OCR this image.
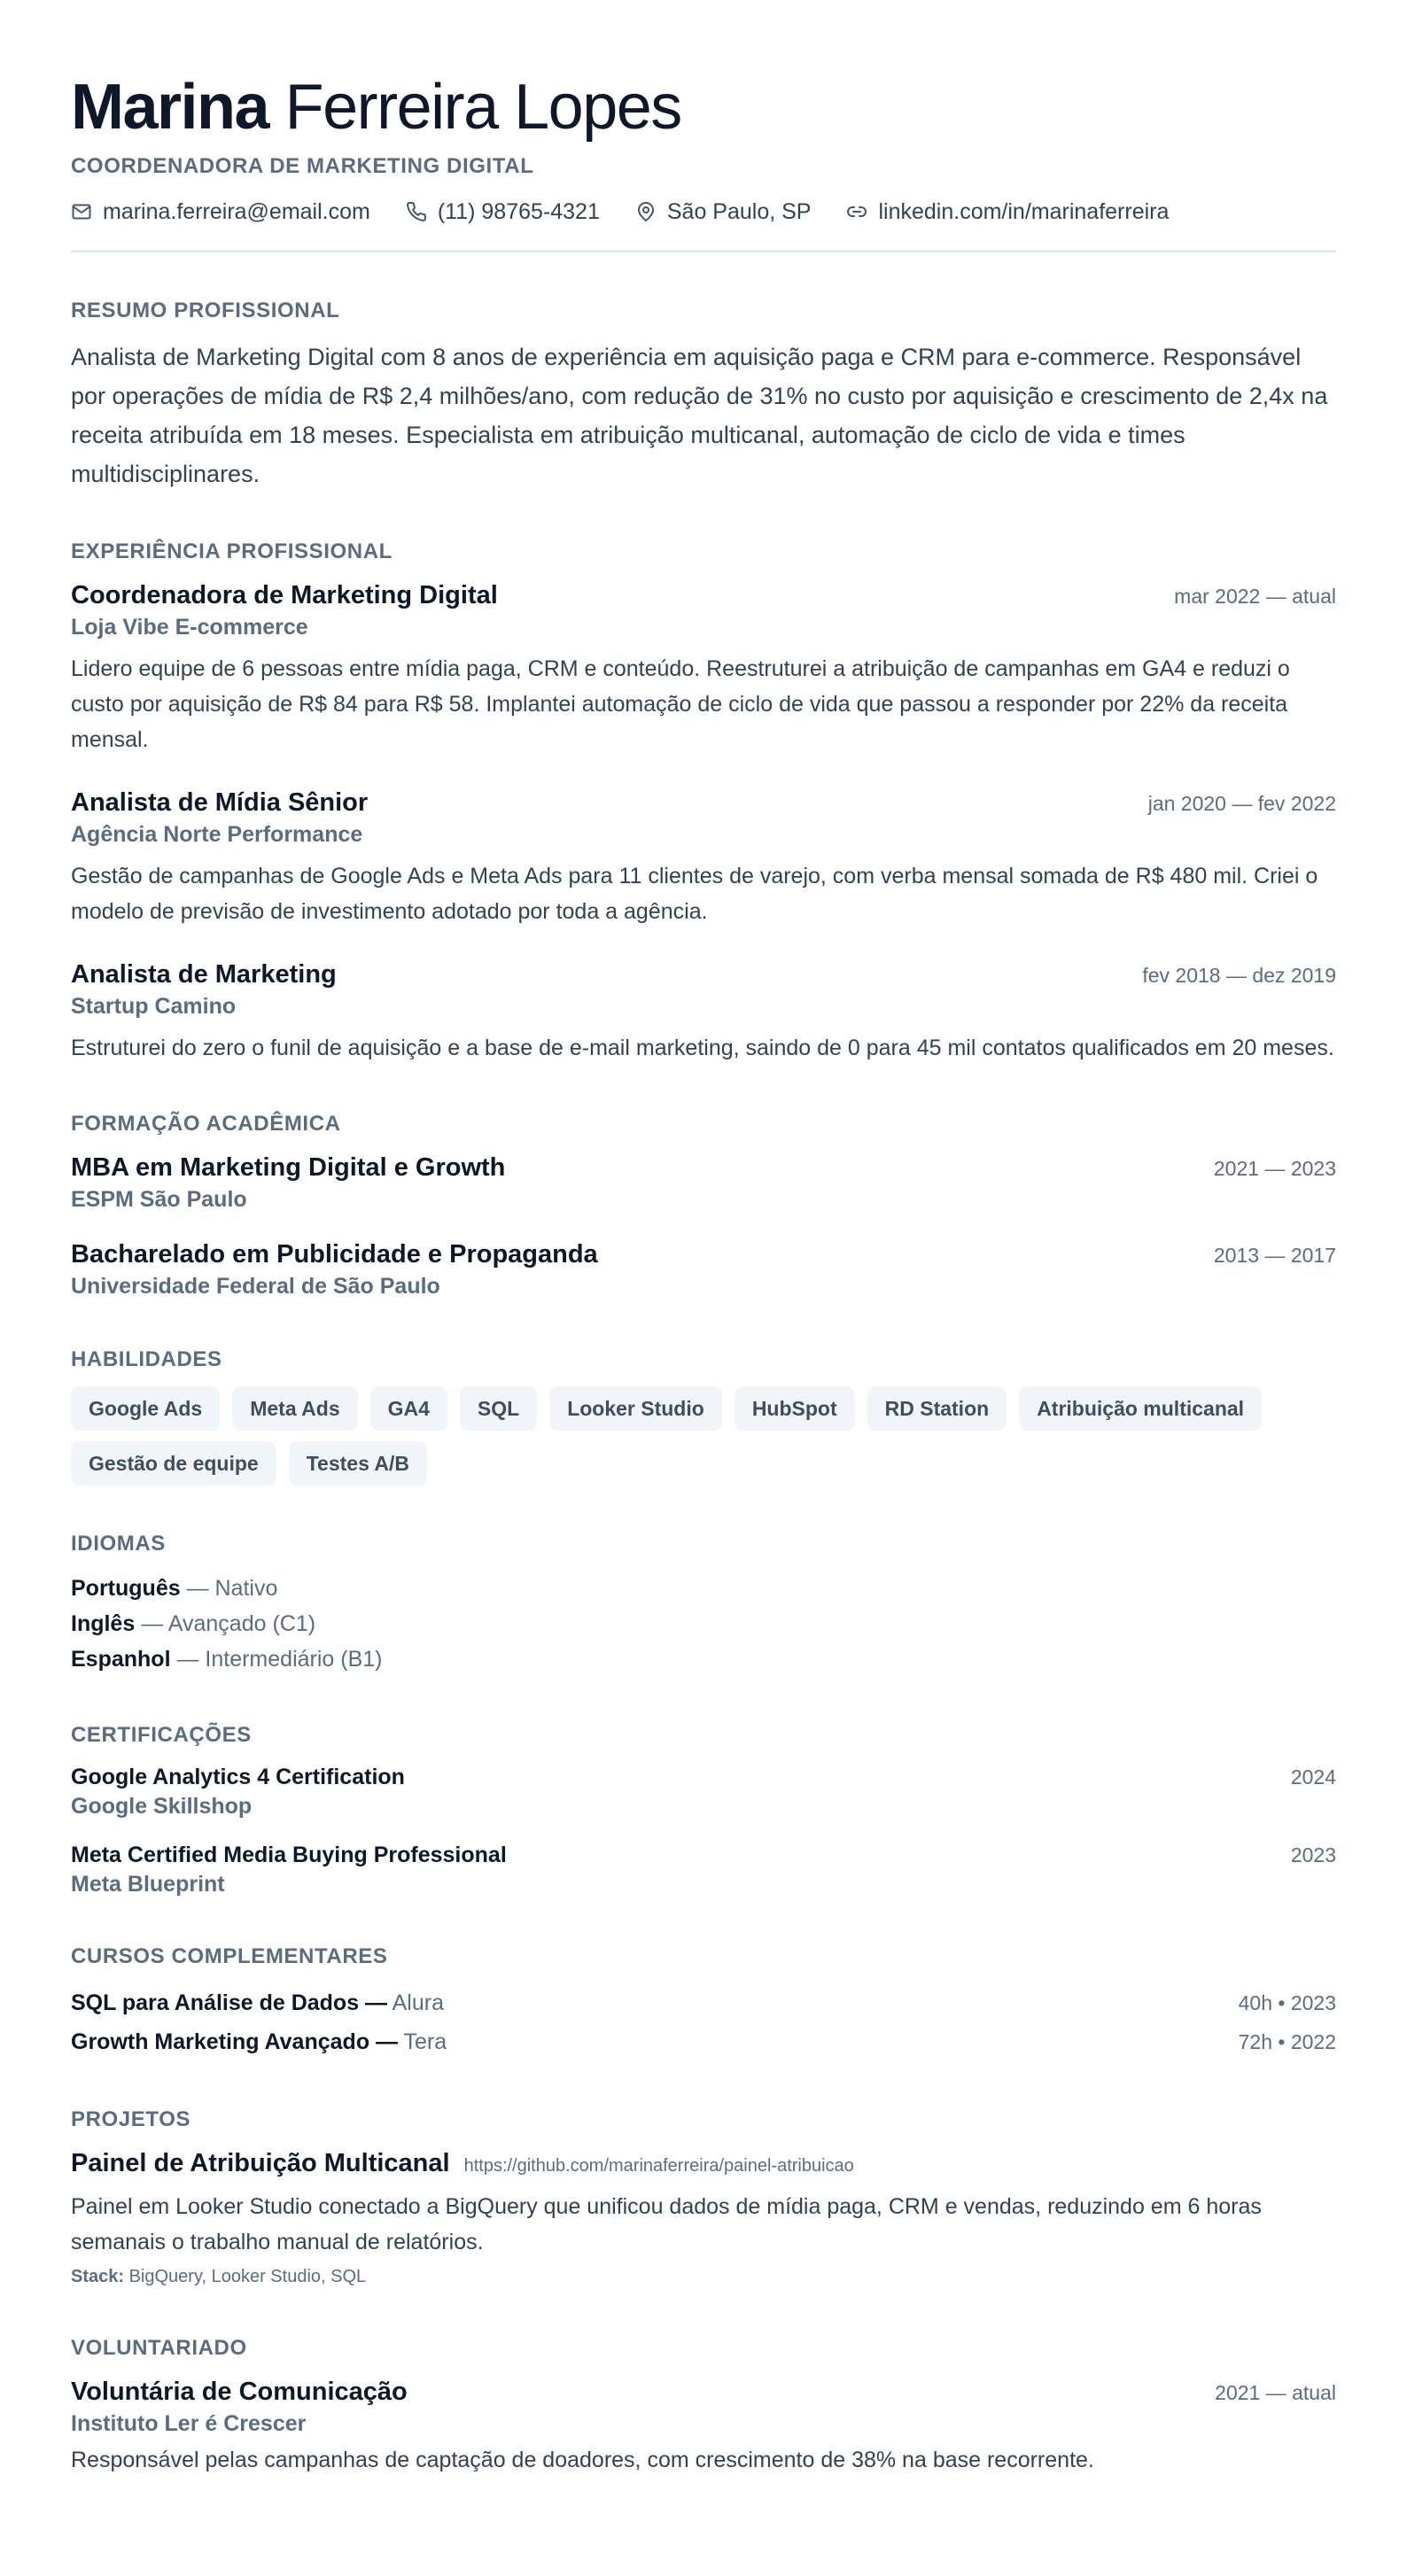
Marina Ferreira Lopes
COORDENADORA DE MARKETING DIGITAL
marina.ferreira@email.com	(11) 98765-4321	São Paulo, SP	linkedin.com/in/marinaferreira
RESUMO PROFISSIONAL

Analista de Marketing Digital com 8 anos de experiência em aquisição paga e CRM para e-commerce. Responsável por operações de mídia de R$ 2,4 milhões/ano, com redução de 31% no custo por aquisição e crescimento de 2,4x na receita atribuída em 18 meses. Especialista em atribuição multicanal, automação de ciclo de vida e times multidisciplinares.

EXPERIÊNCIA PROFISSIONAL
Coordenadora de Marketing Digital	mar 2022 — atual
Loja Vibe E-commerce

Lidero equipe de 6 pessoas entre mídia paga, CRM e conteúdo. Reestruturei a atribuição de campanhas em GA4 e reduzi o custo por aquisição de R$ 84 para R$ 58. Implantei automação de ciclo de vida que passou a responder por 22% da receita mensal.

Analista de Mídia Sênior	jan 2020 — fev 2022
Agência Norte Performance

Gestão de campanhas de Google Ads e Meta Ads para 11 clientes de varejo, com verba mensal somada de R$ 480 mil. Criei o modelo de previsão de investimento adotado por toda a agência.

Analista de Marketing	fev 2018 — dez 2019
Startup Camino

Estruturei do zero o funil de aquisição e a base de e-mail marketing, saindo de 0 para 45 mil contatos qualificados em 20 meses.

FORMAÇÃO ACADÊMICA
MBA em Marketing Digital e Growth	2021 — 2023
ESPM São Paulo
Bacharelado em Publicidade e Propaganda	2013 — 2017
Universidade Federal de São Paulo
HABILIDADES
Google Ads	Meta Ads	GA4	SQL	Looker Studio	HubSpot	RD Station	Atribuição multicanal
Gestão de equipe	Testes A/B
IDIOMAS
Português — Nativo
Inglês — Avançado (C1)
Espanhol — Intermediário (B1)
CERTIFICAÇÕES
Google Analytics 4 Certification	2024
Google Skillshop
Meta Certified Media Buying Professional	2023
Meta Blueprint
CURSOS COMPLEMENTARES
SQL para Análise de Dados — Alura	40h • 2023
Growth Marketing Avançado — Tera	72h • 2022
PROJETOS
Painel de Atribuição Multicanal https://github.com/marinaferreira/painel-atribuicao

Painel em Looker Studio conectado a BigQuery que unificou dados de mídia paga, CRM e vendas, reduzindo em 6 horas semanais o trabalho manual de relatórios.

Stack: BigQuery, Looker Studio, SQL
VOLUNTARIADO
Voluntária de Comunicação	2021 — atual
Instituto Ler é Crescer

Responsável pelas campanhas de captação de doadores, com crescimento de 38% na base recorrente.
